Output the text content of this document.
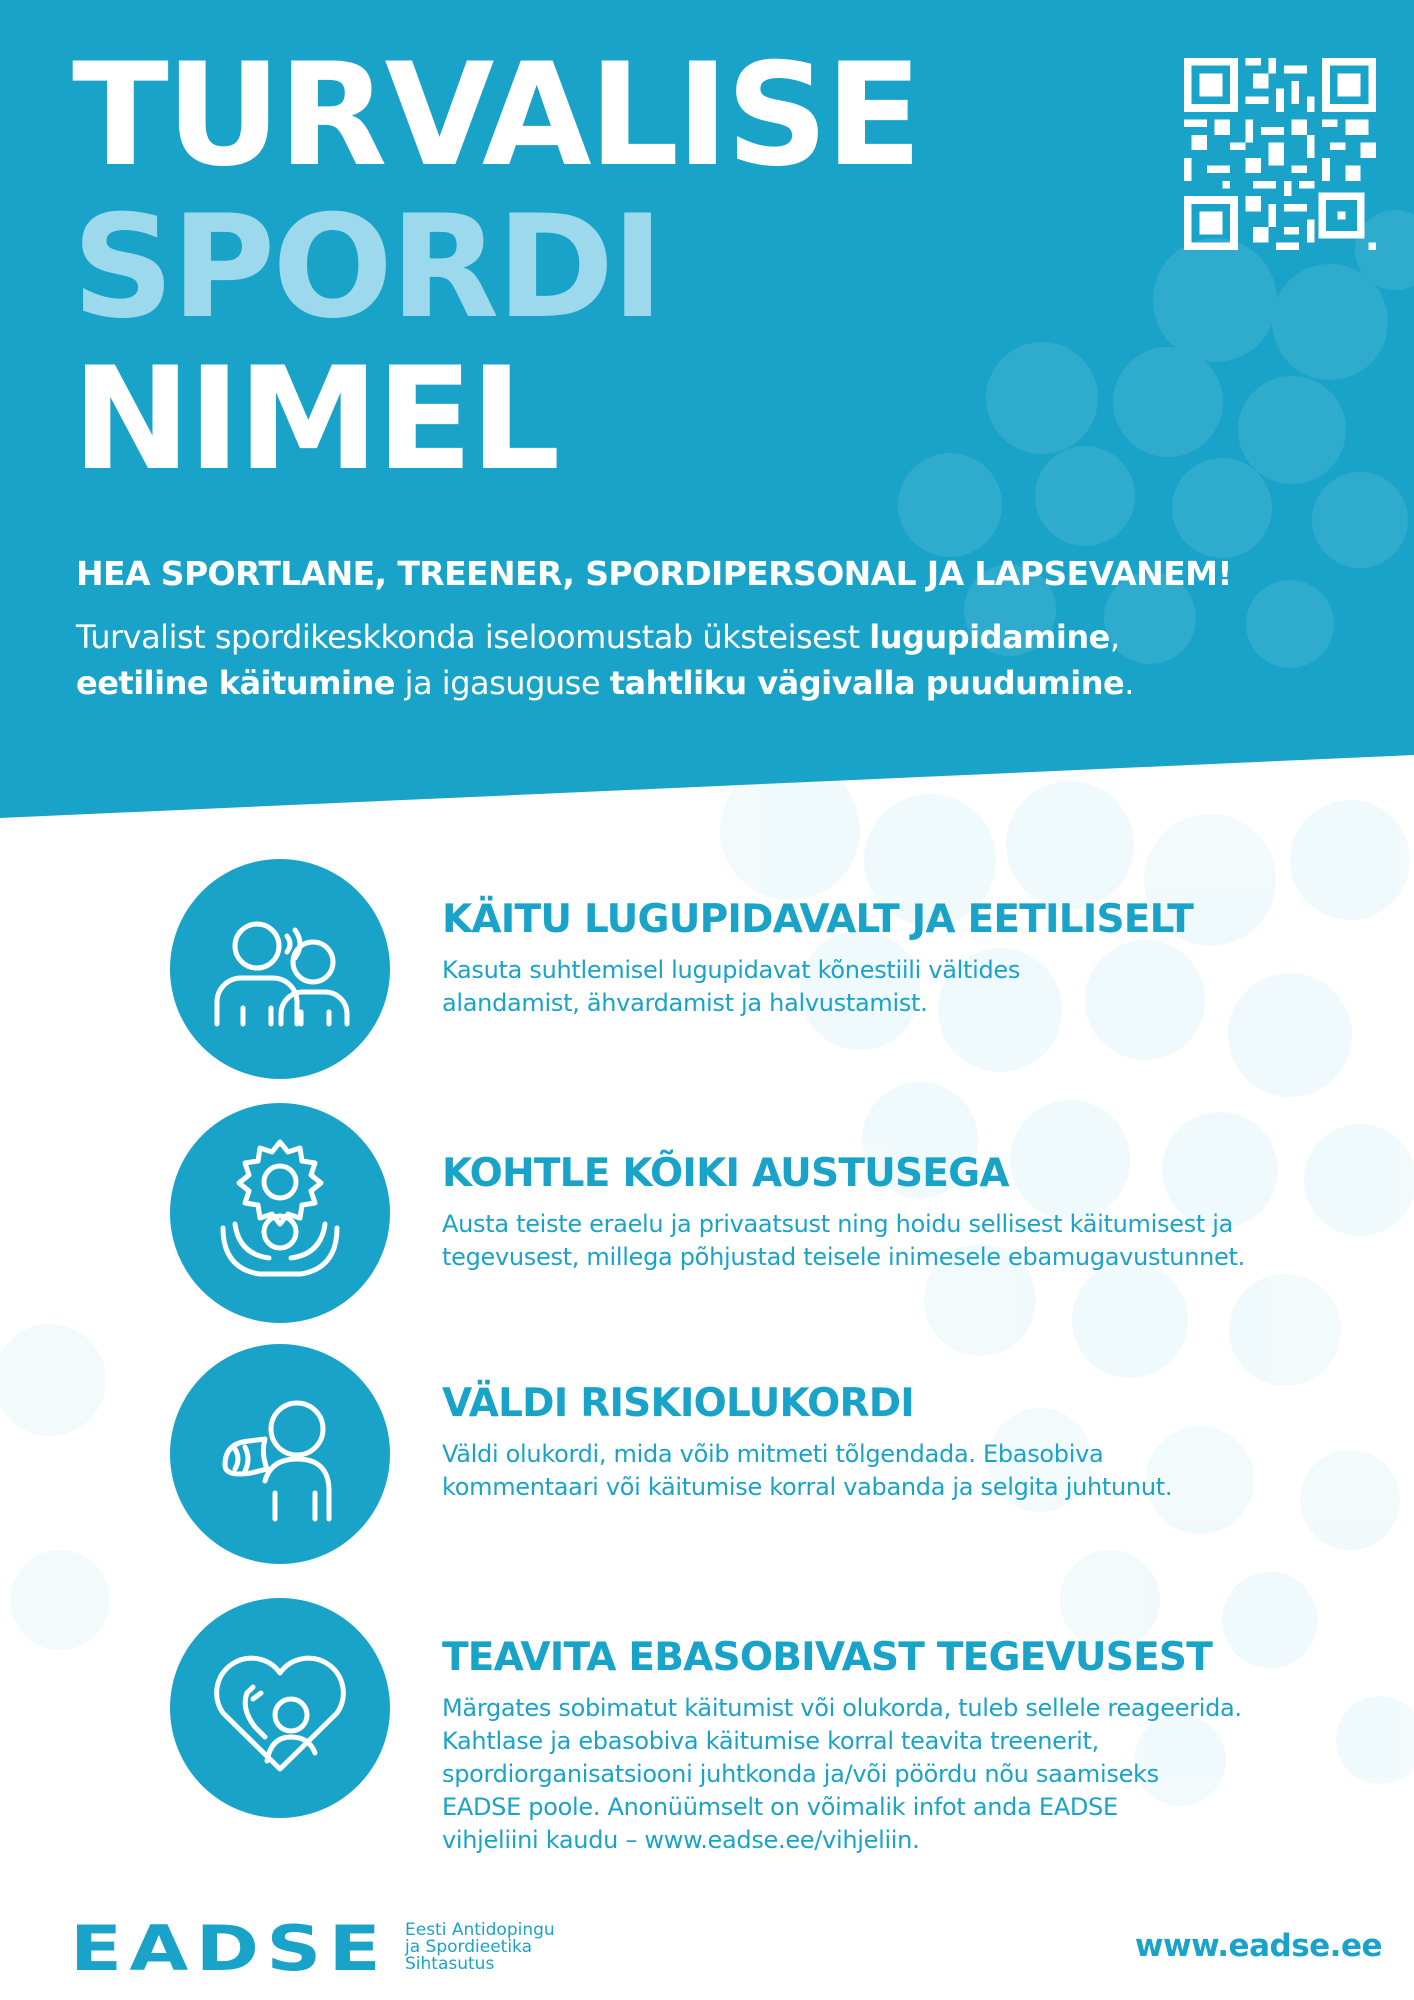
TURVALISE
SPORDI
NIMEL
HEA SPORTLANE, TREENER, SPORDIPERSONAL JA LAPSEVANEM!

Turvalist spordikeskkonda iseloomustab üksteisest lugupidamine,
eetiline käitumine ja igasuguse tahtliku vägivalla puudumine.

KÄITU LUGUPIDAVALT JA EETILISELT

Kasuta suhtlemisel lugupidavat kõnestiili vältides
alandamist, ähvardamist ja halvustamist.

KOHTLE KÕIKI AUSTUSEGA

Austa teiste eraelu ja privaatsust ning hoidu sellisest käitumisest ja
tegevusest, millega põhjustad teisele inimesele ebamugavustunnet.

VÄLDI RISKIOLUKORDI

Väldi olukordi, mida võib mitmeti tõlgendada. Ebasobiva
kommentaari või käitumise korral vabanda ja selgita juhtunut.

TEAVITA EBASOBIVAST TEGEVUSEST

Märgates sobimatut käitumist või olukorda, tuleb sellele reageerida.
Kahtlase ja ebasobiva käitumise korral teavita treenerit,
spordiorganisatsiooni juhtkonda ja/või pöördu nõu saamiseks
EADSE poole. Anonüümselt on võimalik infot anda EADSE
vihjeliini kaudu – www.eadse.ee/vihjeliin.

EADSE Eesti Antidopingu
ja Spordieetika
Sihtasutus	www.eadse.ee
